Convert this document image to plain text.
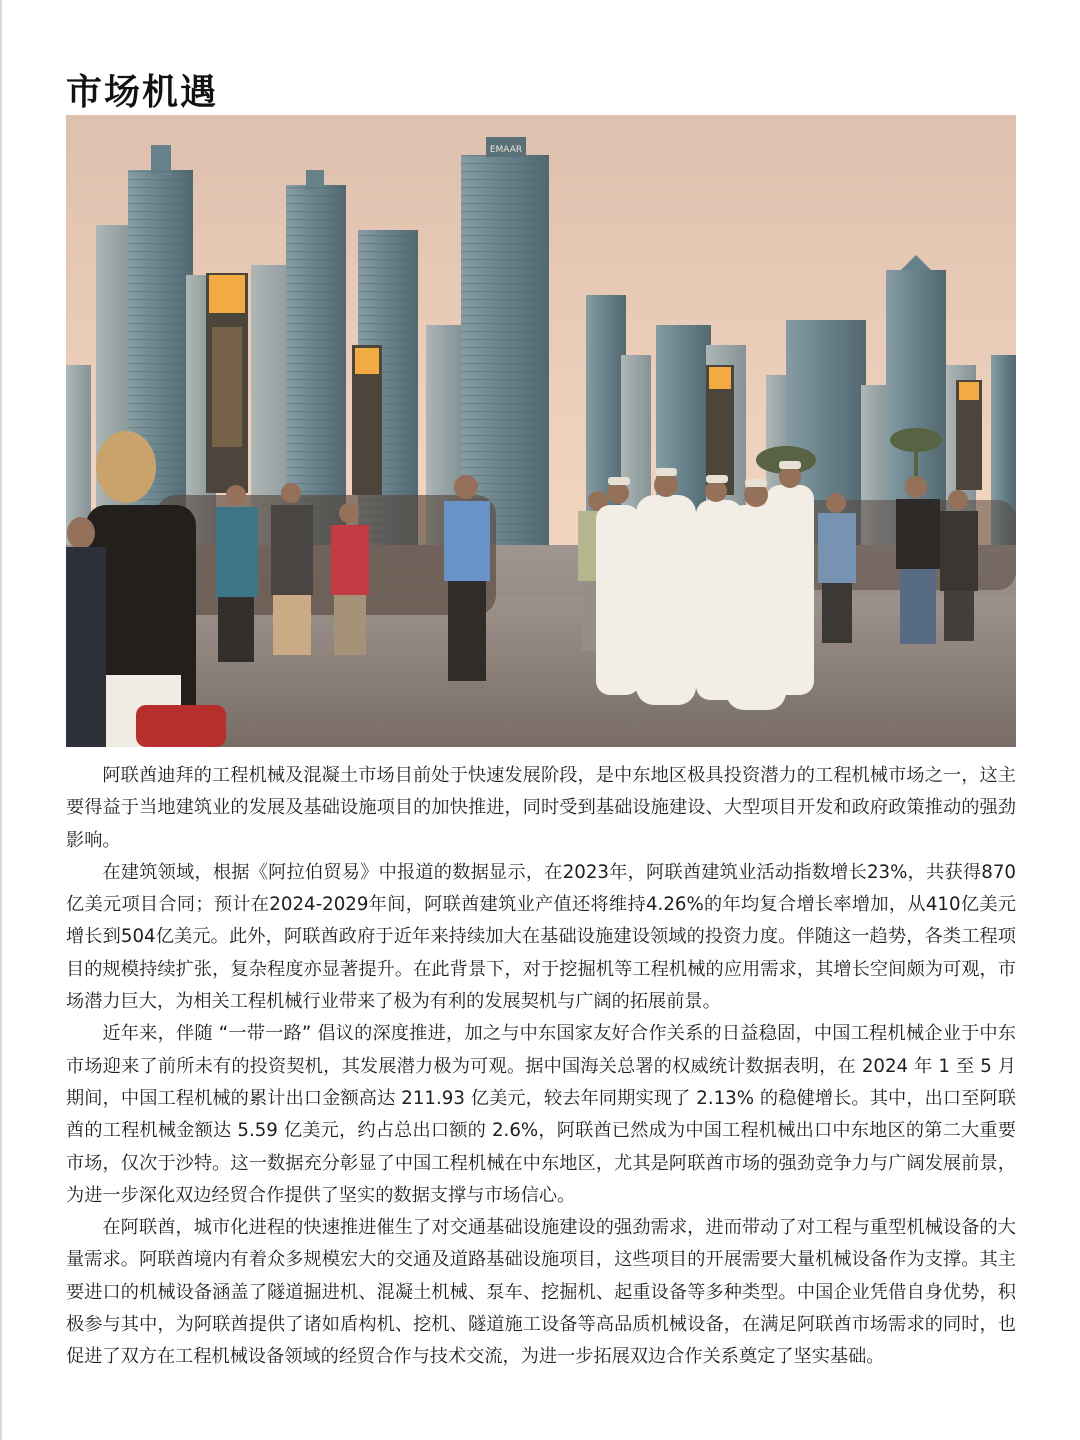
市场机遇
EMAAR

阿联酋迪拜的工程机械及混凝土市场目前处于快速发展阶段，是中东地区极具投资潜力的工程机械市场之一，这主要得益于当地建筑业的发展及基础设施项目的加快推进，同时受到基础设施建设、大型项目开发和政府政策推动的强劲影响。

在建筑领域，根据《阿拉伯贸易》中报道的数据显示，在2023年，阿联酋建筑业活动指数增长23%，共获得870亿美元项目合同；预计在2024-2029年间，阿联酋建筑业产值还将维持4.26%的年均复合增长率增加，从410亿美元增长到504亿美元。此外，阿联酋政府于近年来持续加大在基础设施建设领域的投资力度。伴随这一趋势，各类工程项目的规模持续扩张，复杂程度亦显著提升。在此背景下，对于挖掘机等工程机械的应用需求，其增长空间颇为可观，市场潜力巨大，为相关工程机械行业带来了极为有利的发展契机与广阔的拓展前景。

近年来，伴随 “一带一路” 倡议的深度推进，加之与中东国家友好合作关系的日益稳固，中国工程机械企业于中东市场迎来了前所未有的投资契机，其发展潜力极为可观。据中国海关总署的权威统计数据表明，在 2024 年 1 至 5 月期间，中国工程机械的累计出口金额高达 211.93 亿美元，较去年同期实现了 2.13% 的稳健增长。其中，出口至阿联酋的工程机械金额达 5.59 亿美元，约占总出口额的 2.6%，阿联酋已然成为中国工程机械出口中东地区的第二大重要市场，仅次于沙特。这一数据充分彰显了中国工程机械在中东地区，尤其是阿联酋市场的强劲竞争力与广阔发展前景，为进一步深化双边经贸合作提供了坚实的数据支撑与市场信心。

在阿联酋，城市化进程的快速推进催生了对交通基础设施建设的强劲需求，进而带动了对工程与重型机械设备的大量需求。阿联酋境内有着众多规模宏大的交通及道路基础设施项目，这些项目的开展需要大量机械设备作为支撑。其主要进口的机械设备涵盖了隧道掘进机、混凝土机械、泵车、挖掘机、起重设备等多种类型。中国企业凭借自身优势，积极参与其中，为阿联酋提供了诸如盾构机、挖机、隧道施工设备等高品质机械设备，在满足阿联酋市场需求的同时，也促进了双方在工程机械设备领域的经贸合作与技术交流，为进一步拓展双边合作关系奠定了坚实基础。
